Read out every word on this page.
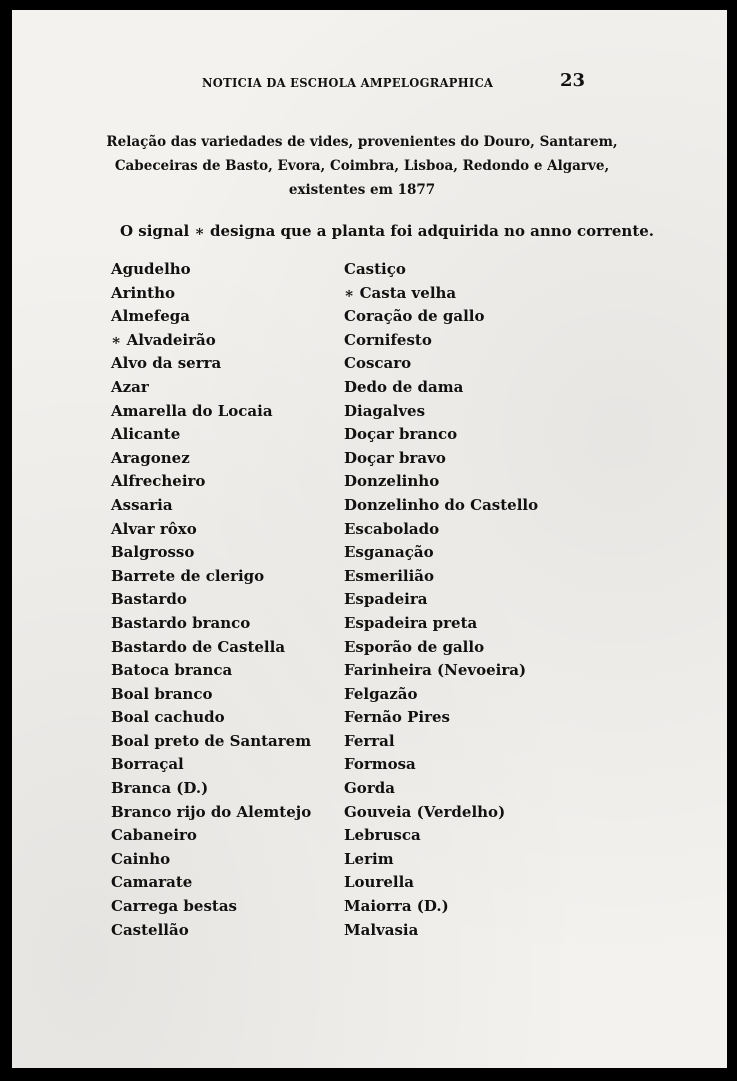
NOTICIA DA ESCHOLA AMPELOGRAPHICA	23
Relação das variedades de vides, provenientes do Douro, Santarem,
Cabeceiras de Basto, Evora, Coimbra, Lisboa, Redondo e Algarve,
existentes em 1877
O signal ∗ designa que a planta foi adquirida no anno corrente.
Agudelho
Arintho
Almefega
∗ Alvadeirão
Alvo da serra
Azar
Amarella do Locaia
Alicante
Aragonez
Alfrecheiro
Assaria
Alvar rôxo
Balgrosso
Barrete de clerigo
Bastardo
Bastardo branco
Bastardo de Castella
Batoca branca
Boal branco
Boal cachudo
Boal preto de Santarem
Borraçal
Branca (D.)
Branco rijo do Alemtejo
Cabaneiro
Cainho
Camarate
Carrega bestas
Castellão
Castiço
∗ Casta velha
Coração de gallo
Cornifesto
Coscaro
Dedo de dama
Diagalves
Doçar branco
Doçar bravo
Donzelinho
Donzelinho do Castello
Escabolado
Esganação
Esmerilião
Espadeira
Espadeira preta
Esporão de gallo
Farinheira (Nevoeira)
Felgazão
Fernão Pires
Ferral
Formosa
Gorda
Gouveia (Verdelho)
Lebrusca
Lerim
Lourella
Maiorra (D.)
Malvasia
